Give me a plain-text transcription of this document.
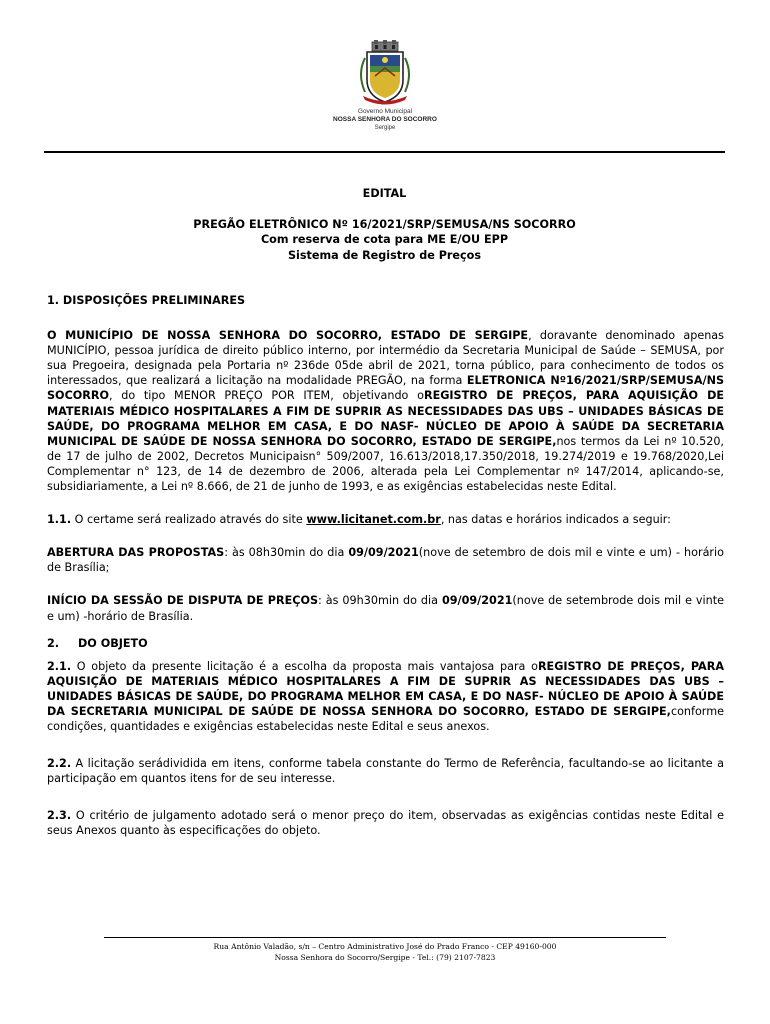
Governo Municipal
NOSSA SENHORA DO SOCORRO
Sergipe
EDITAL
PREGÃO ELETRÔNICO Nº 16/2021/SRP/SEMUSA/NS SOCORRO
Com reserva de cota para ME E/OU EPP
Sistema de Registro de Preços

1. DISPOSIÇÕES PRELIMINARES

O MUNICÍPIO DE NOSSA SENHORA DO SOCORRO, ESTADO DE SERGIPE, doravante denominado apenas MUNICÍPIO, pessoa jurídica de direito público interno, por intermédio da Secretaria Municipal de Saúde – SEMUSA, por sua Pregoeira, designada pela Portaria nº 236de 05de abril de 2021, torna público, para conhecimento de todos os interessados, que realizará a licitação na modalidade PREGÃO, na forma ELETRONICA Nº16/2021/SRP/SEMUSA/NS SOCORRO, do tipo MENOR PREÇO POR ITEM, objetivando oREGISTRO DE PREÇOS, PARA AQUISIÇÃO DE MATERIAIS MÉDICO HOSPITALARES A FIM DE SUPRIR AS NECESSIDADES DAS UBS – UNIDADES BÁSICAS DE SAÚDE, DO PROGRAMA MELHOR EM CASA, E DO NASF- NÚCLEO DE APOIO À SAÚDE DA SECRETARIA MUNICIPAL DE SAÚDE DE NOSSA SENHORA DO SOCORRO, ESTADO DE SERGIPE,nos termos da Lei nº 10.520, de 17 de julho de 2002, Decretos Municipaisn° 509/2007, 16.613/2018,17.350/2018, 19.274/2019 e 19.768/2020,Lei Complementar n° 123, de 14 de dezembro de 2006, alterada pela Lei Complementar nº 147/2014, aplicando-se, subsidiariamente, a Lei nº 8.666, de 21 de junho de 1993, e as exigências estabelecidas neste Edital.

1.1. O certame será realizado através do site www.licitanet.com.br, nas datas e horários indicados a seguir:

ABERTURA DAS PROPOSTAS: às 08h30min do dia 09/09/2021(nove de setembro de dois mil e vinte e um) - horário de Brasília;

INÍCIO DA SESSÃO DE DISPUTA DE PREÇOS: às 09h30min do dia 09/09/2021(nove de setembrode dois mil e vinte e um) -horário de Brasília.

2. DO OBJETO

2.1. O objeto da presente licitação é a escolha da proposta mais vantajosa para oREGISTRO DE PREÇOS, PARA AQUISIÇÃO DE MATERIAIS MÉDICO HOSPITALARES A FIM DE SUPRIR AS NECESSIDADES DAS UBS – UNIDADES BÁSICAS DE SAÚDE, DO PROGRAMA MELHOR EM CASA, E DO NASF- NÚCLEO DE APOIO À SAÚDE DA SECRETARIA MUNICIPAL DE SAÚDE DE NOSSA SENHORA DO SOCORRO, ESTADO DE SERGIPE,conforme condições, quantidades e exigências estabelecidas neste Edital e seus anexos.

2.2. A licitação serádividida em itens, conforme tabela constante do Termo de Referência, facultando-se ao licitante a participação em quantos itens for de seu interesse.

2.3. O critério de julgamento adotado será o menor preço do item, observadas as exigências contidas neste Edital e seus Anexos quanto às especificações do objeto.

Rua Antônio Valadão, s/n – Centro Administrativo José do Prado Franco - CEP 49160-000
Nossa Senhora do Socorro/Sergipe - Tel.: (79) 2107-7823
